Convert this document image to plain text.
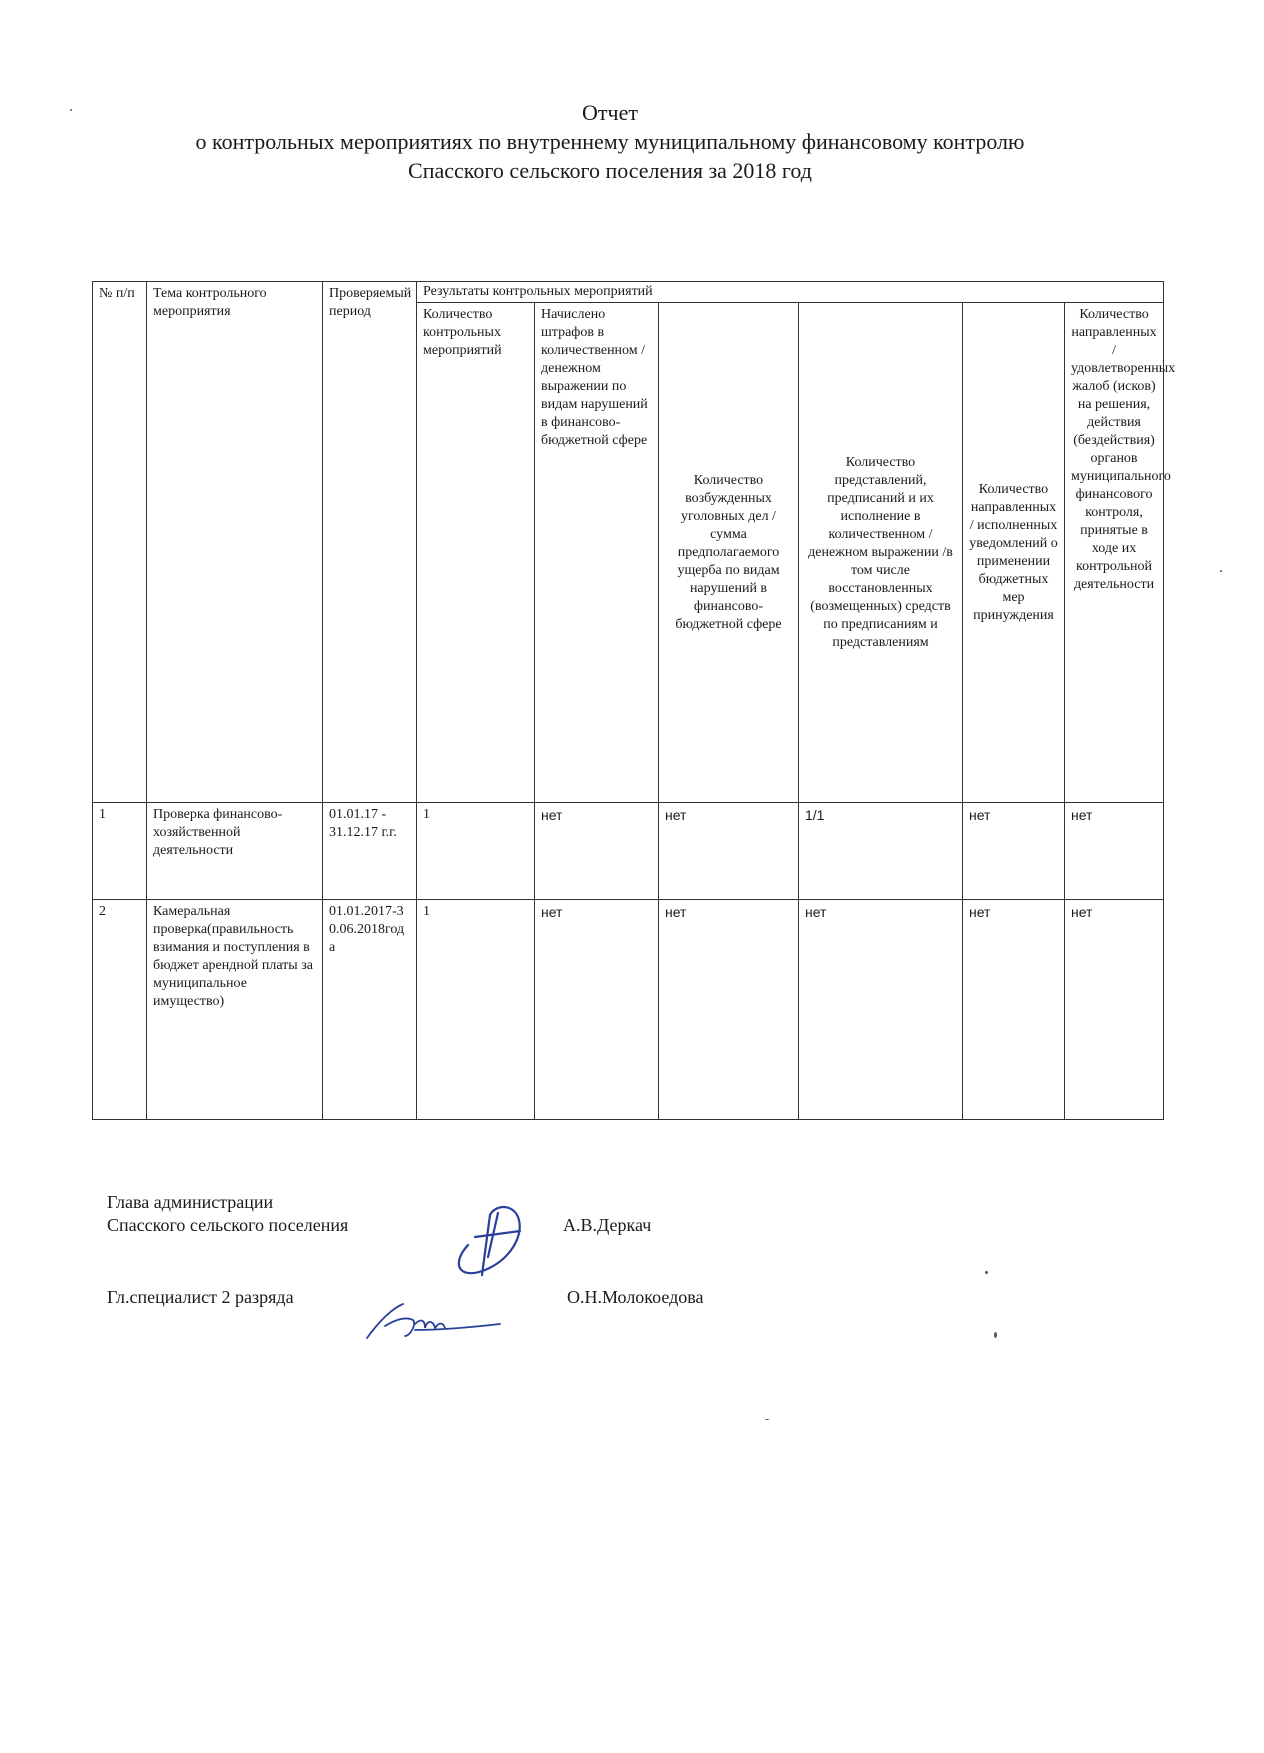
Отчет
о контрольных мероприятиях по внутреннему муниципальному финансовому контролю
Спасского сельского поселения за 2018 год
№ п/п	Тема контрольного мероприятия	Проверяемый период	Результаты контрольных мероприятий					
			Количество контрольных мероприятий	Начислено штрафов в количественном / денежном выражении по видам нарушений в финансово-бюджетной сфере	Количество возбужденных уголовных дел / сумма предполагаемого ущерба по видам нарушений в финансово-бюджетной сфере	Количество представлений, предписаний и их исполнение в количественном / денежном выражении /в том числе восстановленных (возмещенных) средств по предписаниям и представлениям	Количество направленных / исполненных уведомлений о применении бюджетных мер принуждения	Количество направленных / удовлетворенных жалоб (исков) на решения, действия (бездействия) органов муниципального финансового контроля, принятые в ходе их контрольной деятельности
1	Проверка финансово-хозяйственной деятельности	01.01.17 - 31.12.17 г.г.	1	нет	нет	1/1	нет	нет
2	Камеральная проверка(правильность взимания и поступления в бюджет арендной платы за муниципальное имущество)	01.01.2017-30.06.2018года	1	нет	нет	нет	нет	нет
Глава администрации
Спасского сельского поселения	А.В.Деркач
Гл.специалист 2 разряда	О.Н.Молокоедова
